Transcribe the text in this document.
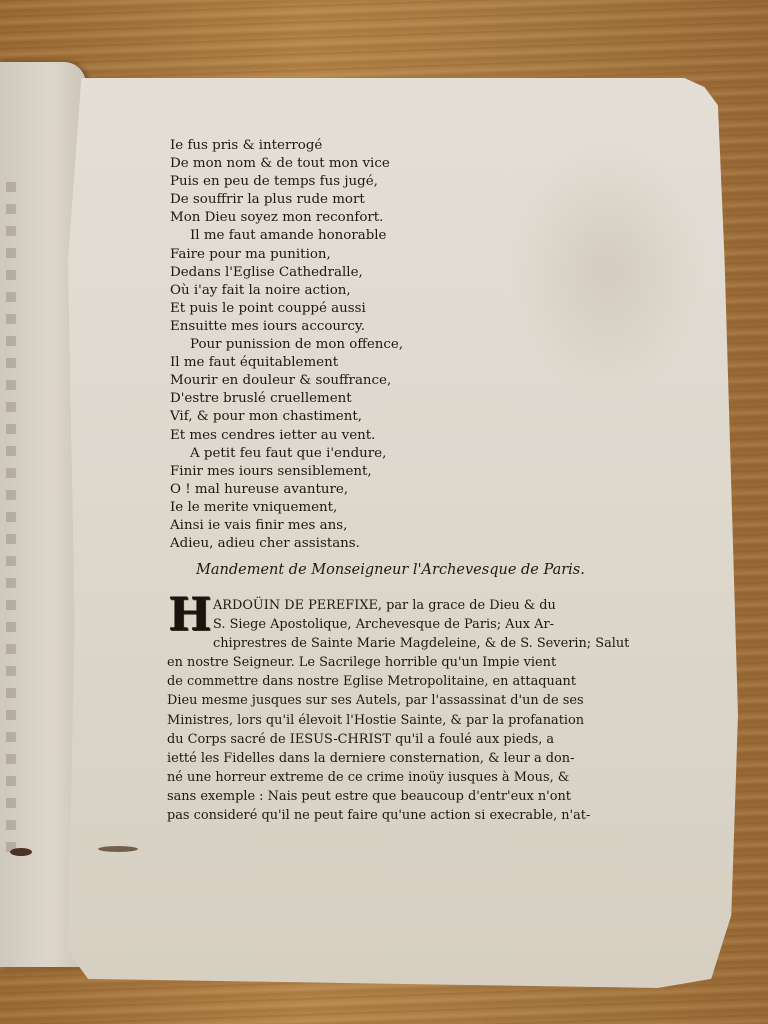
Ie fus pris & interrogé
De mon nom & de tout mon vice
Puis en peu de temps fus jugé,
De souffrir la plus rude mort
Mon Dieu soyez mon reconfort.
Il me faut amande honorable
Faire pour ma punition,
Dedans l'Eglise Cathedralle,
Où i'ay fait la noire action,
Et puis le point couppé aussi
Ensuitte mes iours accourcy.
Pour punission de mon offence,
Il me faut équitablement
Mourir en douleur & souffrance,
D'estre bruslé cruellement
Vif, & pour mon chastiment,
Et mes cendres ietter au vent.
A petit feu faut que i'endure,
Finir mes iours sensiblement,
O ! mal hureuse avanture,
Ie le merite vniquement,
Ainsi ie vais finir mes ans,
Adieu, adieu cher assistans.
Mandement de Monseigneur l'Archevesque de Paris.
H ARDOÜIN DE PEREFIXE, par la grace de Dieu & du
S. Siege Apostolique, Archevesque de Paris; Aux Ar-
chiprestres de Sainte Marie Magdeleine, & de S. Severin; Salut
en nostre Seigneur. Le Sacrilege horrible qu'un Impie vient
de commettre dans nostre Eglise Metropolitaine, en attaquant
Dieu mesme jusques sur ses Autels, par l'assassinat d'un de ses
Ministres, lors qu'il élevoit l'Hostie Sainte, & par la profanation
du Corps sacré de IESUS-CHRIST qu'il a foulé aux pieds, a
ietté les Fidelles dans la derniere consternation, & leur a don-
né une horreur extreme de ce crime inoüy iusques à Mous, &
sans exemple : Nais peut estre que beaucoup d'entr'eux n'ont
pas consideré qu'il ne peut faire qu'une action si execrable, n'at-
